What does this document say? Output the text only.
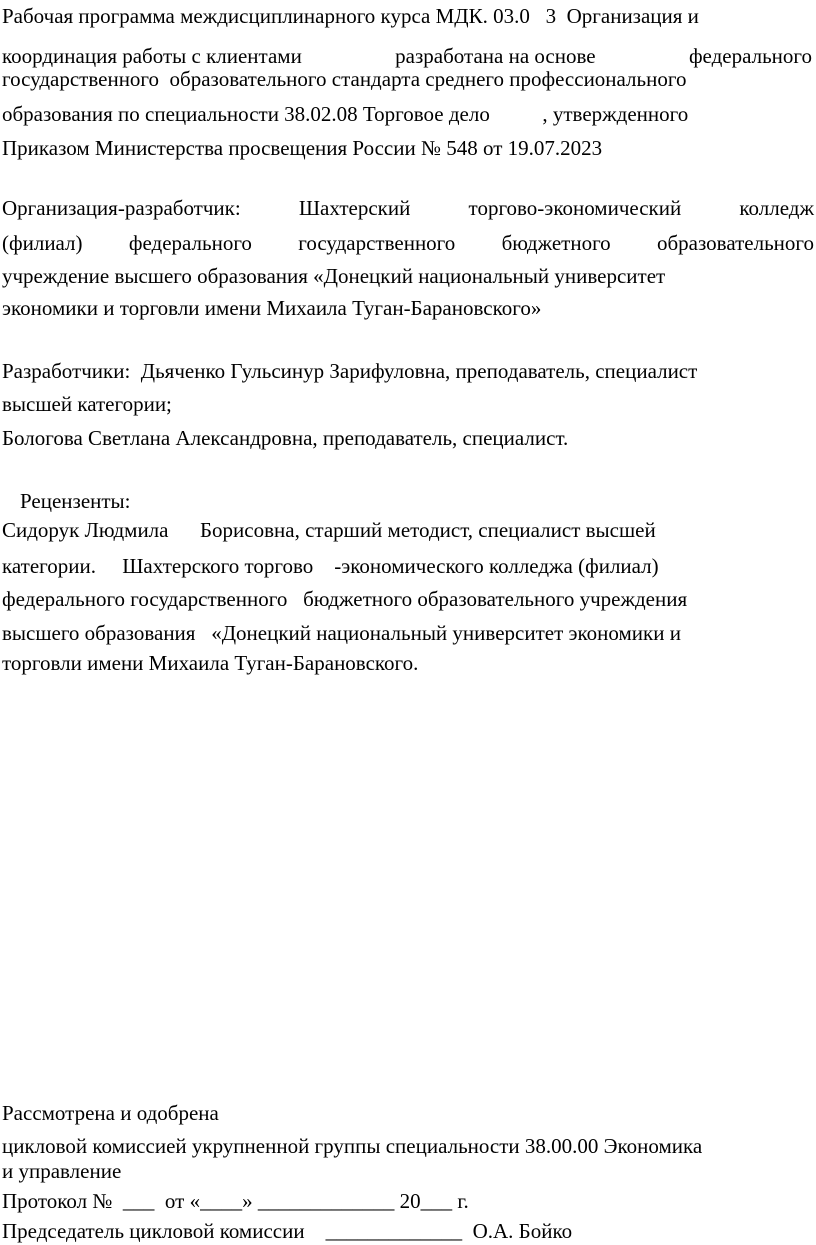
Рабочая программа междисциплинарного курса МДК. 03.0   3  Организация и
координация работы с клиентами	разработана на основе	федерального
государственного  образовательного стандарта среднего профессионального
образования по специальности 38.02.08 Торговое дело          , утвержденного
Приказом Министерства просвещения России № 548 от 19.07.2023
Организация-разработчик:	Шахтерский	торгово-экономический	колледж
(филиал) федерального государственного бюджетного образовательного
учреждение высшего образования «Донецкий национальный университет
экономики и торговли имени Михаила Туган-Барановского»
Разработчики:  Дьяченко Гульсинур Зарифуловна, преподаватель, специалист
высшей категории;
Бологова Светлана Александровна, преподаватель, специалист.
Рецензенты:
Сидорук Людмила      Борисовна, старший методист, специалист высшей
категории.     Шахтерского торгово    -экономического колледжа (филиал)
федерального государственного   бюджетного образовательного учреждения
высшего образования   «Донецкий национальный университет экономики и
торговли имени Михаила Туган-Барановского.
Рассмотрена и одобрена
цикловой комиссией укрупненной группы специальности 38.00.00 Экономика
и управление
Протокол №  ___  от «____» _____________ 20___ г.
Председатель цикловой комиссии    _____________  О.А. Бойко
